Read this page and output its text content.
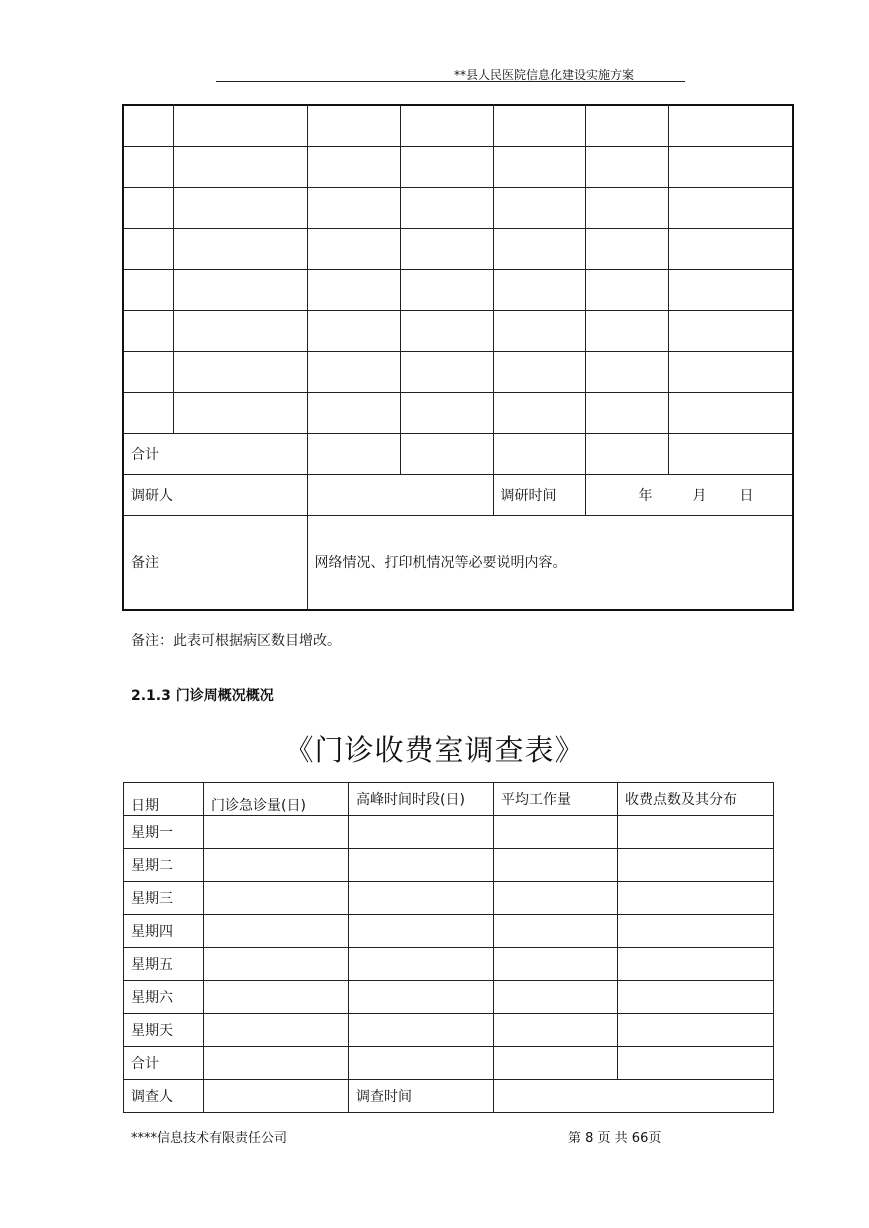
**县人民医院信息化建设实施方案

合计						
调研人				调研时间	年 月 日	
备注		网络情况、打印机情况等必要说明内容。				
备注：此表可根据病区数目增改。
2.1.3 门诊周概况概况
《门诊收费室调查表》
日期	门诊急诊量(日)	高峰时间时段(日)	平均工作量	收费点数及其分布
星期一				
星期二				
星期三				
星期四				
星期五				
星期六				
星期天				
合计				
调查人		调查时间		
****信息技术有限责任公司	第 8 页 共 66页
